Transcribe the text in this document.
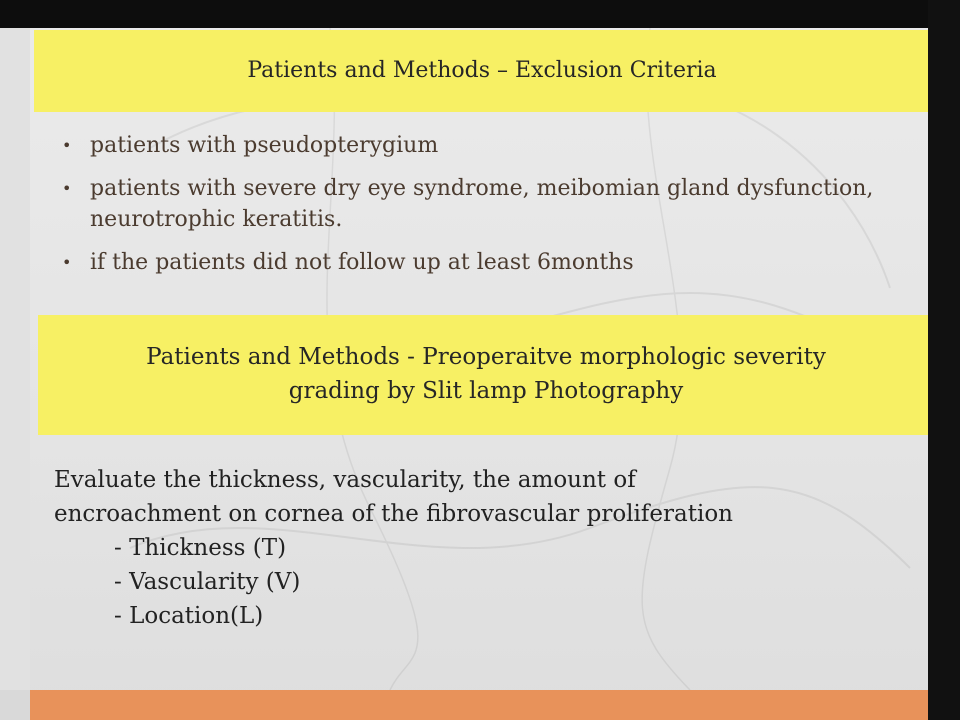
Patients and Methods – Exclusion Criteria
• patients with pseudopterygium
• patients with severe dry eye syndrome, meibomian gland dysfunction, neurotrophic keratitis.
• if the patients did not follow up at least 6months
Patients and Methods - Preoperaitve morphologic severity
grading by Slit lamp Photography
Evaluate the thickness, vascularity, the amount of
encroachment on cornea of the fibrovascular proliferation
- Thickness (T)
- Vascularity (V)
- Location(L)
